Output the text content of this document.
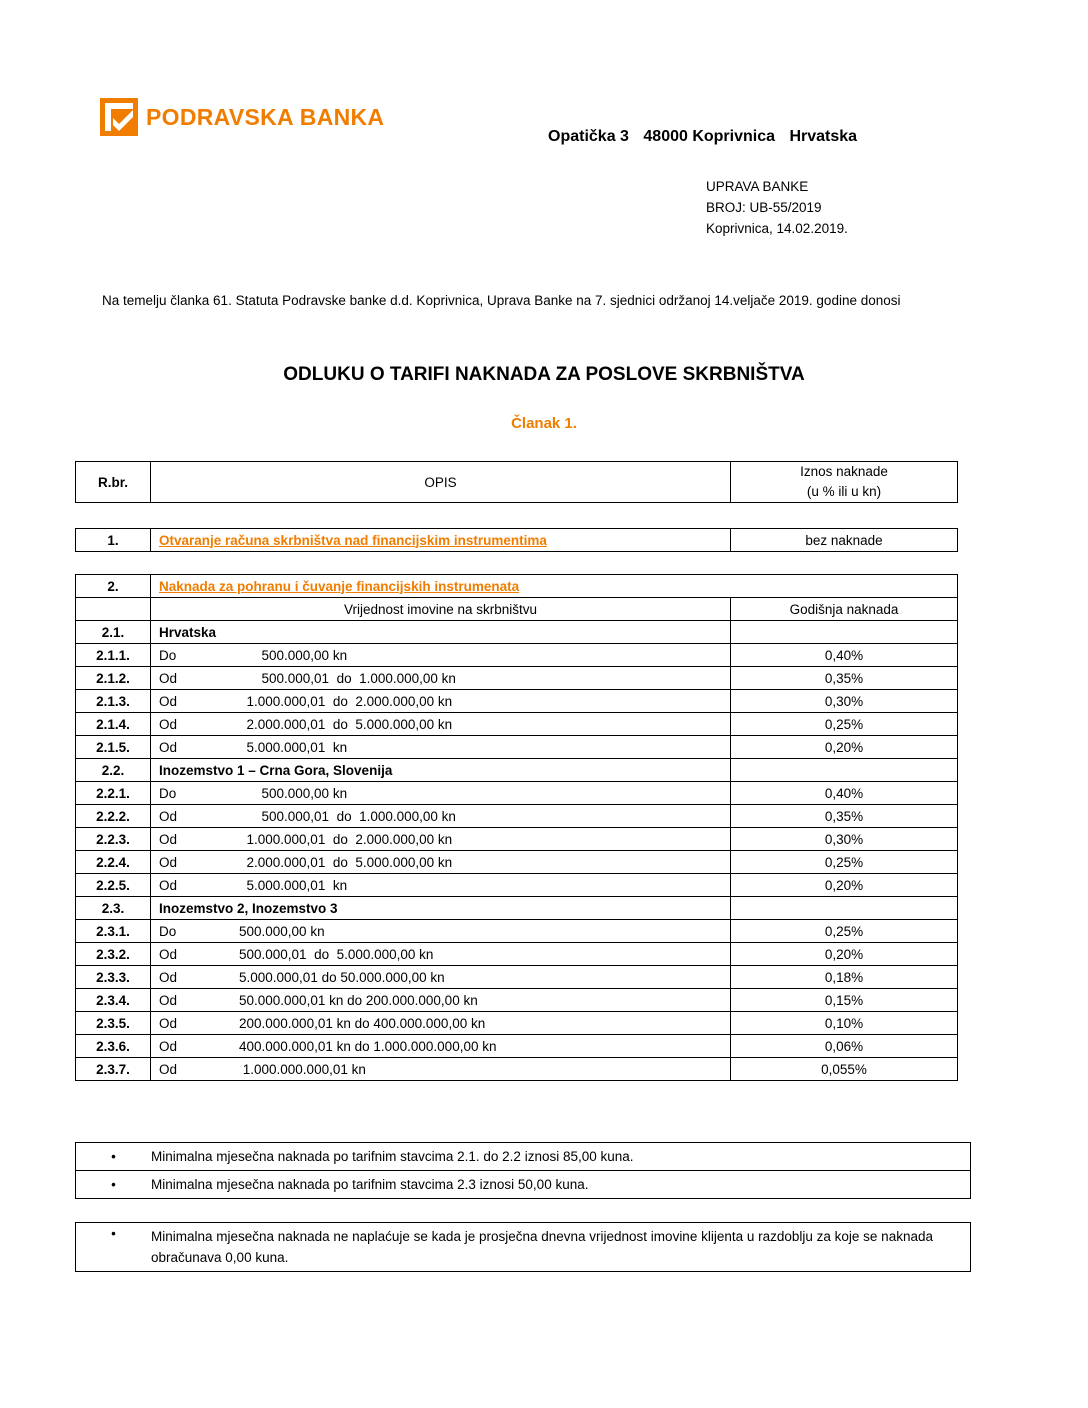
PODRAVSKA BANKA
Opatička 3 48000 Koprivnica Hrvatska
UPRAVA BANKE
BROJ: UB-55/2019
Koprivnica, 14.02.2019.
Na temelju članka 61. Statuta Podravske banke d.d. Koprivnica, Uprava Banke na 7. sjednici održanoj 14.veljače 2019. godine donosi
ODLUKU O TARIFI NAKNADA ZA POSLOVE SKRBNIŠTVA
Članak 1.
R.br.	OPIS	
Iznos naknade
(u % ili u kn)
1.	Otvaranje računa skrbništva nad financijskim instrumentima	bez naknade
2.	Naknada za pohranu i čuvanje financijskih instrumenata	
	Vrijednost imovine na skrbništvu	Godišnja naknada
2.1.	Hrvatska	
2.1.1.	Do 500.000,00 kn	0,40%
2.1.2.	Od 500.000,01  do  1.000.000,00 kn	0,35%
2.1.3.	Od 1.000.000,01  do  2.000.000,00 kn	0,30%
2.1.4.	Od 2.000.000,01  do  5.000.000,00 kn	0,25%
2.1.5.	Od 5.000.000,01  kn	0,20%
2.2.	Inozemstvo 1 – Crna Gora, Slovenija	
2.2.1.	Do 500.000,00 kn	0,40%
2.2.2.	Od 500.000,01  do  1.000.000,00 kn	0,35%
2.2.3.	Od 1.000.000,01  do  2.000.000,00 kn	0,30%
2.2.4.	Od 2.000.000,01  do  5.000.000,00 kn	0,25%
2.2.5.	Od 5.000.000,01  kn	0,20%
2.3.	Inozemstvo 2, Inozemstvo 3	
2.3.1.	Do 500.000,00 kn	0,25%
2.3.2.	Od 500.000,01  do  5.000.000,00 kn	0,20%
2.3.3.	Od 5.000.000,01 do 50.000.000,00 kn	0,18%
2.3.4.	Od 50.000.000,01 kn do 200.000.000,00 kn	0,15%
2.3.5.	Od 200.000.000,01 kn do 400.000.000,00 kn	0,10%
2.3.6.	Od 400.000.000,01 kn do 1.000.000.000,00 kn	0,06%
2.3.7.	Od 1.000.000.000,01 kn	0,055%
•	Minimalna mjesečna naknada po tarifnim stavcima 2.1. do 2.2 iznosi 85,00 kuna.
•	Minimalna mjesečna naknada po tarifnim stavcima 2.3 iznosi 50,00 kuna.
•	Minimalna mjesečna naknada ne naplaćuje se kada je prosječna dnevna vrijednost imovine klijenta u razdoblju za koje se naknada obračunava 0,00 kuna.
